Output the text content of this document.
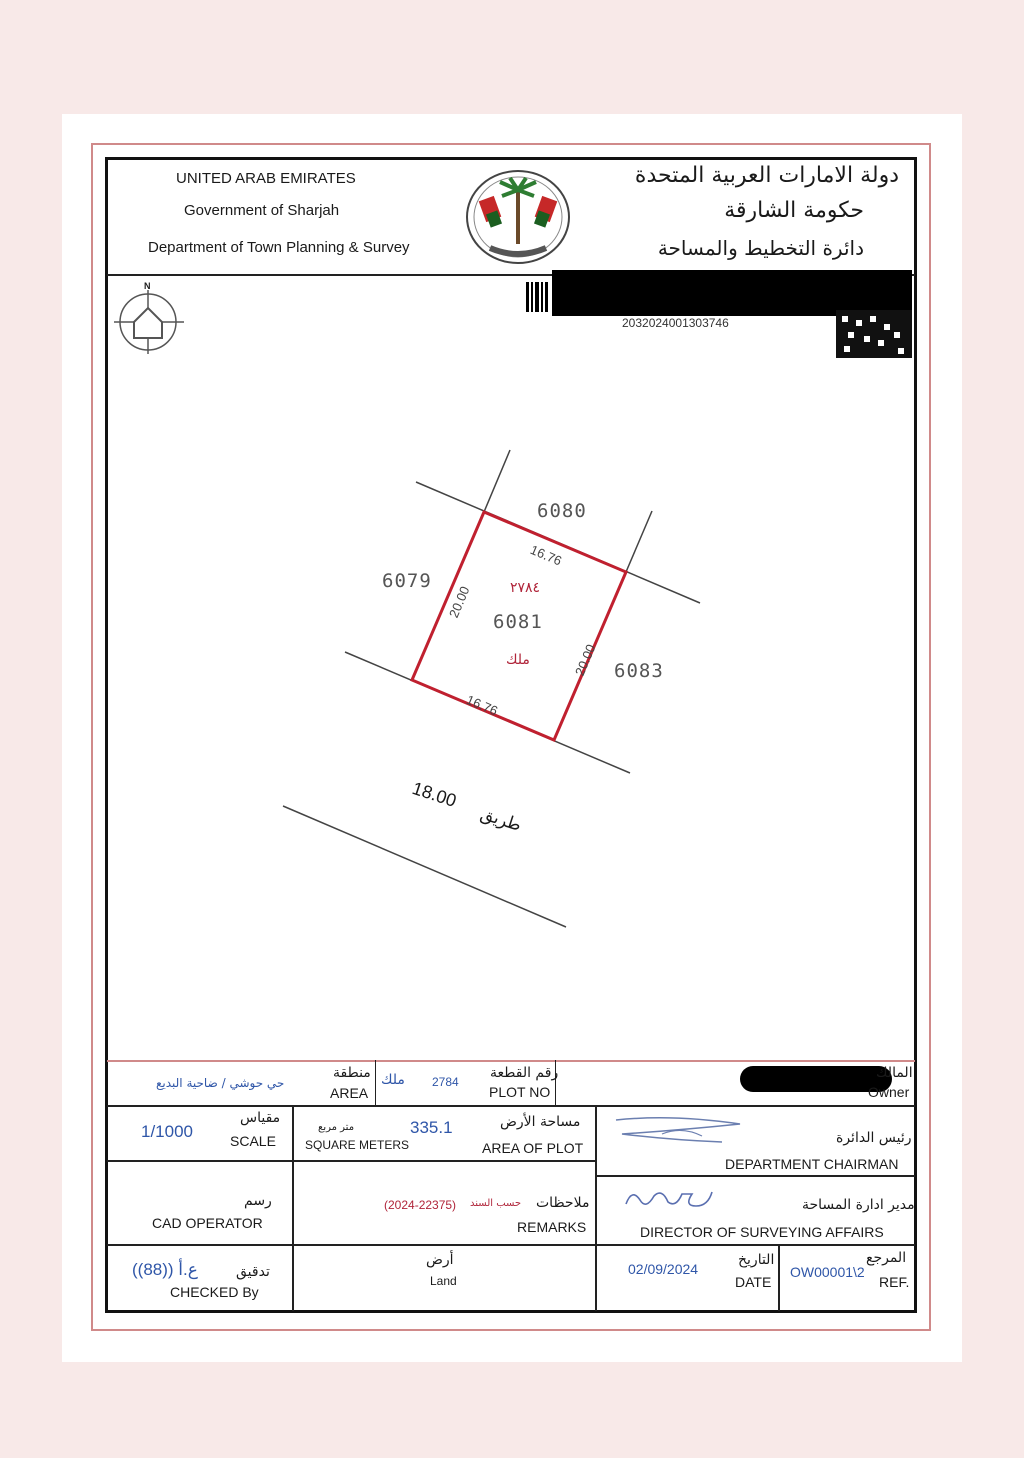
UNITED ARAB EMIRATES
Government of Sharjah
Department of Town Planning & Survey
دولة الامارات العربية المتحدة
حكومة الشارقة
دائرة التخطيط والمساحة
2032024001303746
N
6080
6079
6083
6081
٢٧٨٤
ملك
16.76
16.76
20.00
20.00
18.00
طريق
حي حوشي / ضاحية البديع
منطقة
AREA
ملك 2784
رقم القطعة
PLOT NO
المالك
Owner
1/1000
مقياس
SCALE
متر مربع
SQUARE METERS
335.1	مساحة الأرض
AREA OF PLOT
رئيس الدائرة
DEPARTMENT CHAIRMAN
رسم
CAD OPERATOR
(2024-22375) حسب السند ملاحظات
REMARKS
مدير ادارة المساحة
DIRECTOR OF SURVEYING AFFAIRS
((88)) ع.أ	تدقيق
CHECKED By
أرض
Land
02/09/2024
التاريخ
DATE
OW00001\2
المرجع
REF.
